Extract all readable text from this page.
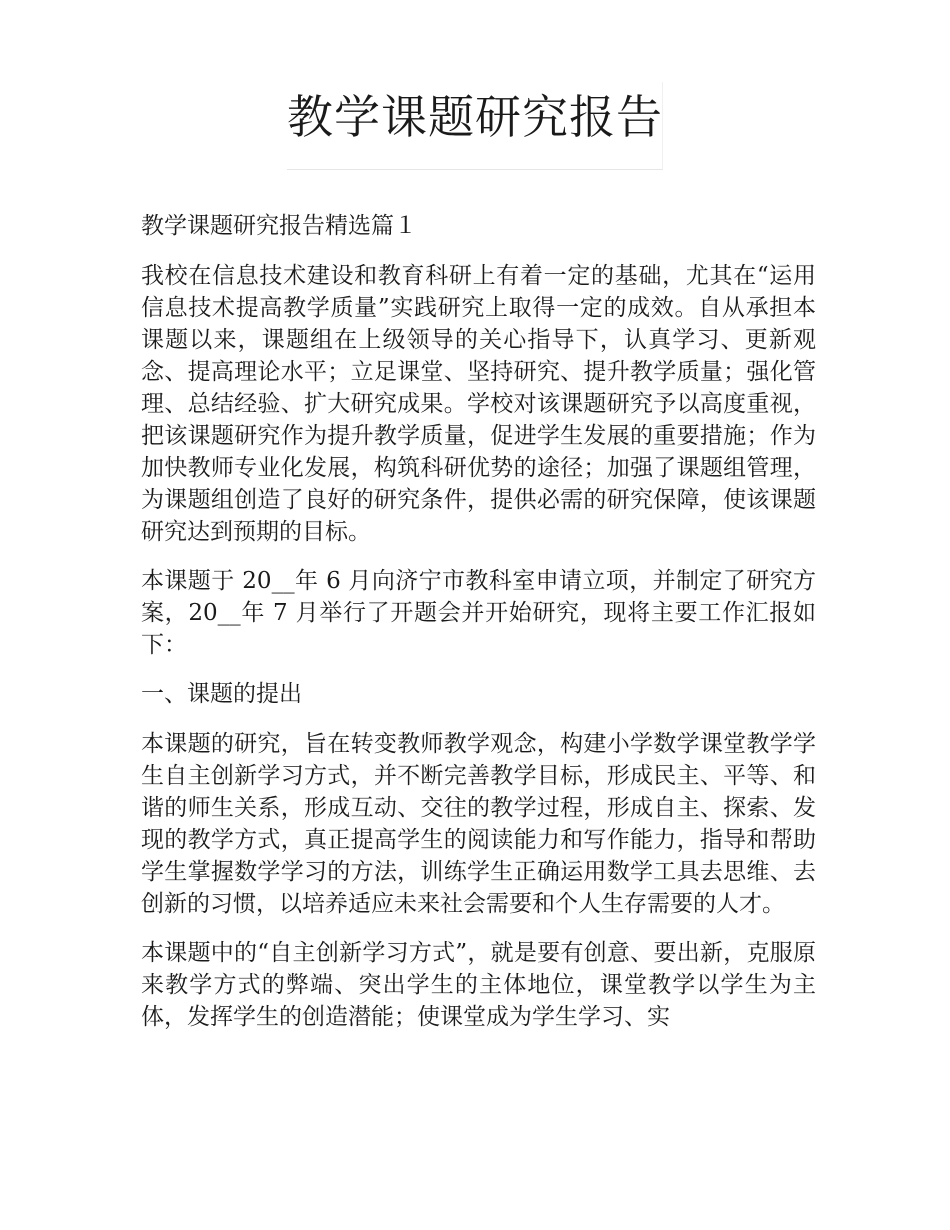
教学课题研究报告

教学课题研究报告精选篇１

我校在信息技术建设和教育科研上有着一定的基础，尤其在“运用信息技术提高教学质量”实践研究上取得一定的成效。自从承担本课题以来，课题组在上级领导的关心指导下，认真学习、更新观念、提高理论水平；立足课堂、坚持研究、提升教学质量；强化管理、总结经验、扩大研究成果。学校对该课题研究予以高度重视，把该课题研究作为提升教学质量，促进学生发展的重要措施；作为加快教师专业化发展，构筑科研优势的途径；加强了课题组管理，为课题组创造了良好的研究条件，提供必需的研究保障，使该课题研究达到预期的目标。

本课题于 20__年 6 月向济宁市教科室申请立项，并制定了研究方案，20__年 7 月举行了开题会并开始研究，现将主要工作汇报如下：

一、课题的提出

本课题的研究，旨在转变教师教学观念，构建小学数学课堂教学学生自主创新学习方式，并不断完善教学目标，形成民主、平等、和谐的师生关系，形成互动、交往的教学过程，形成自主、探索、发现的教学方式，真正提高学生的阅读能力和写作能力，指导和帮助学生掌握数学学习的方法，训练学生正确运用数学工具去思维、去创新的习惯，以培养适应未来社会需要和个人生存需要的人才。

本课题中的“自主创新学习方式”，就是要有创意、要出新，克服原来教学方式的弊端、突出学生的主体地位，课堂教学以学生为主体，发挥学生的创造潜能；使课堂成为学生学习、实
